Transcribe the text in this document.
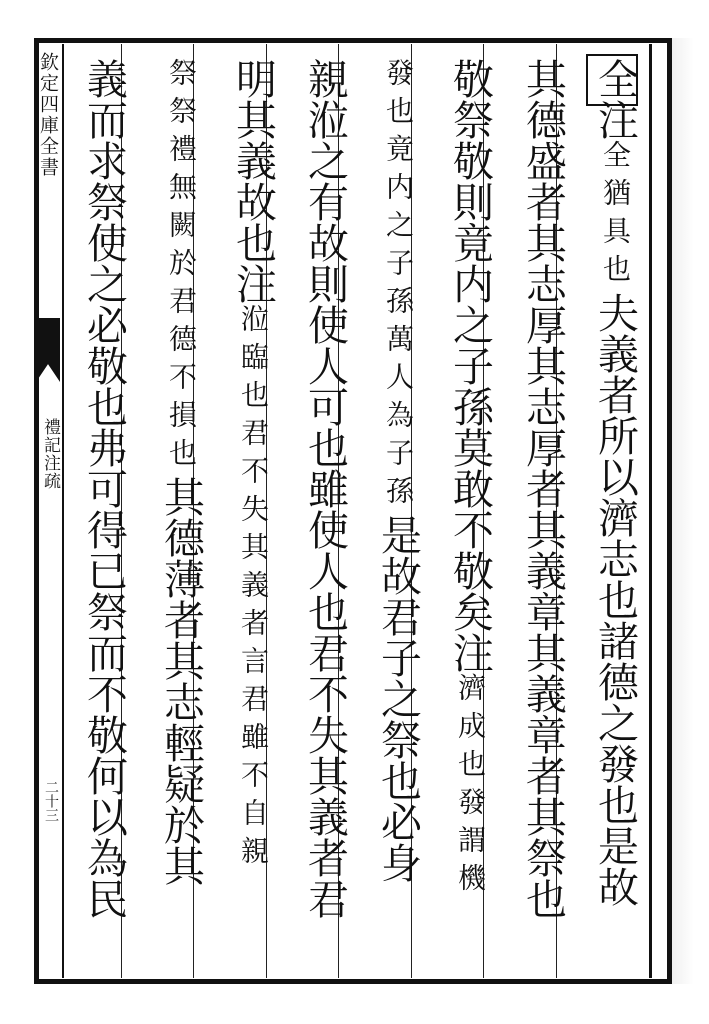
欽定四庫全書
禮記注疏
二十三
全注全猶具也夫義者所以濟志也諸德之發也是故
其德盛者其志厚其志厚者其義章其義章者其祭也
敬祭敬則竟内之子孫莫敢不敬矣注濟成也發謂機
發也竟内之子孫萬人為子孫是故君子之祭也必身
親涖之有故則使人可也雖使人也君不失其義者君
明其義故也注涖臨也君不失其義者言君雖不自親
祭祭禮無闕於君德不損也其德薄者其志輕疑於其
義而求祭使之必敬也弗可得已祭而不敬何以為民
